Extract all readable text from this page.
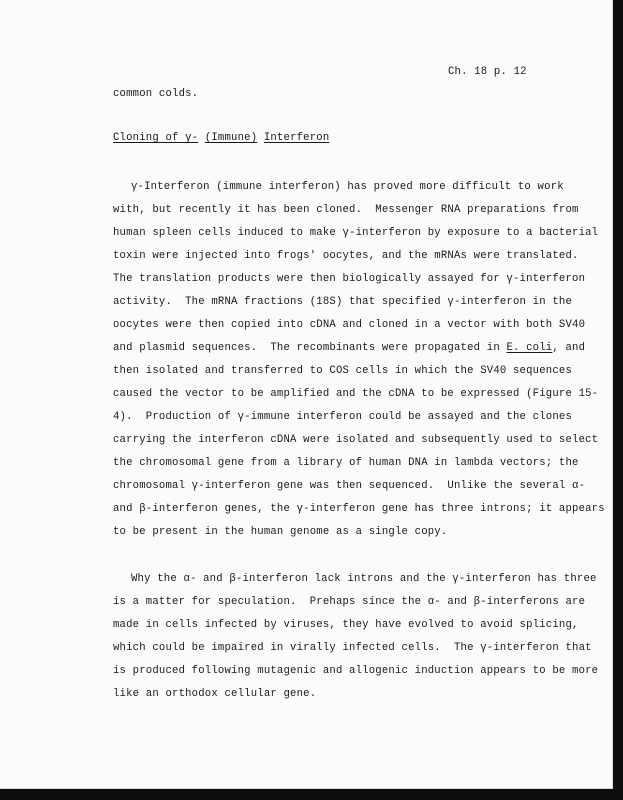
Ch. 18 p. 12
common colds.
Cloning of γ- (Immune) Interferon
γ-Interferon (immune interferon) has proved more difficult to work
with, but recently it has been cloned.  Messenger RNA preparations from
human spleen cells induced to make γ-interferon by exposure to a bacterial
toxin were injected into frogs' oocytes, and the mRNAs were translated.
The translation products were then biologically assayed for γ-interferon
activity.  The mRNA fractions (18S) that specified γ-interferon in the
oocytes were then copied into cDNA and cloned in a vector with both SV40
and plasmid sequences.  The recombinants were propagated in E. coli, and
then isolated and transferred to COS cells in which the SV40 sequences
caused the vector to be amplified and the cDNA to be expressed (Figure 15-
4).  Production of γ-immune interferon could be assayed and the clones
carrying the interferon cDNA were isolated and subsequently used to select
the chromosomal gene from a library of human DNA in lambda vectors; the
chromosomal γ-interferon gene was then sequenced.  Unlike the several α-
and β-interferon genes, the γ-interferon gene has three introns; it appears
to be present in the human genome as a single copy.
Why the α- and β-interferon lack introns and the γ-interferon has three
is a matter for speculation.  Prehaps since the α- and β-interferons are
made in cells infected by viruses, they have evolved to avoid splicing,
which could be impaired in virally infected cells.  The γ-interferon that
is produced following mutagenic and allogenic induction appears to be more
like an orthodox cellular gene.
